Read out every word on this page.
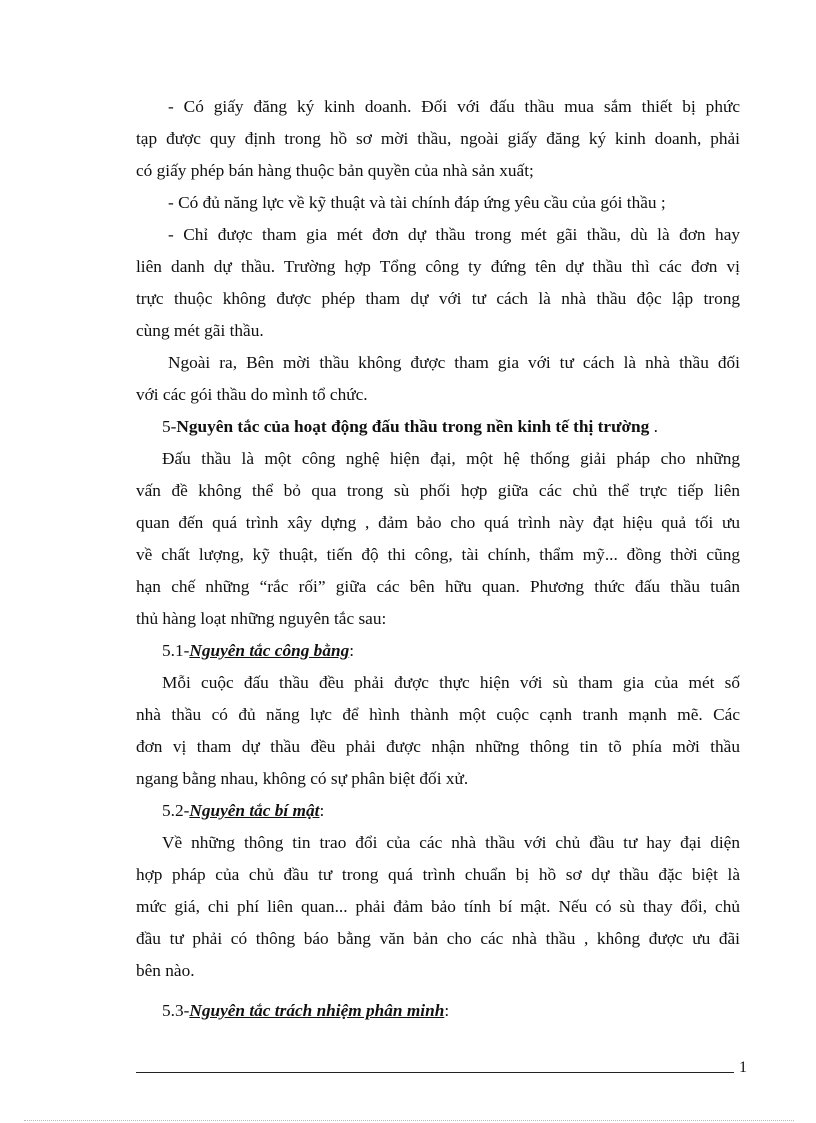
- Có giấy đăng ký kinh doanh. Đối với đấu thầu mua sắm thiết bị phức
tạp được quy định trong hồ sơ mời thầu, ngoài giấy đăng ký kinh doanh, phải
có giấy phép bán hàng thuộc bản quyền của nhà sản xuất;
- Có đủ năng lực về kỹ thuật và tài chính đáp ứng yêu cầu của gói thầu ;
- Chỉ được tham gia mét đơn dự thầu trong mét gãi thầu, dù là đơn hay
liên danh dự thầu. Trường hợp Tổng công ty đứng tên dự thầu thì các đơn vị
trực thuộc không được phép tham dự với tư cách là nhà thầu độc lập trong
cùng mét gãi thầu.
Ngoài ra, Bên mời thầu không được tham gia với tư cách là nhà thầu đối
với các gói thầu do mình tổ chức.
5-Nguyên tắc của hoạt động đấu thầu trong nền kinh tế thị trường .
Đấu thầu là một công nghệ hiện đại, một hệ thống giải pháp cho những
vấn đề không thể bỏ qua trong sù phối hợp giữa các chủ thể trực tiếp liên
quan đến quá trình xây dựng , đảm bảo cho quá trình này đạt hiệu quả tối ưu
về chất lượng, kỹ thuật, tiến độ thi công, tài chính, thẩm mỹ... đồng thời cũng
hạn chế những “rắc rối” giữa các bên hữu quan. Phương thức đấu thầu tuân
thủ hàng loạt những nguyên tắc sau:
5.1-Nguyên tắc công bằng:
Mỗi cuộc đấu thầu đều phải được thực hiện với sù tham gia của mét số
nhà thầu có đủ năng lực để hình thành một cuộc cạnh tranh mạnh mẽ. Các
đơn vị tham dự thầu đều phải được nhận những thông tin tõ phía mời thầu
ngang bằng nhau, không có sự phân biệt đối xử.
5.2-Nguyên tắc bí mật:
Về những thông tin trao đổi của các nhà thầu với chủ đầu tư hay đại diện
hợp pháp của chủ đầu tư trong quá trình chuẩn bị hồ sơ dự thầu đặc biệt là
mức giá, chi phí liên quan... phải đảm bảo tính bí mật. Nếu có sù thay đổi, chủ
đầu tư phải có thông báo bằng văn bản cho các nhà thầu , không được ưu đãi
bên nào.
5.3-Nguyên tắc trách nhiệm phân minh:
1
